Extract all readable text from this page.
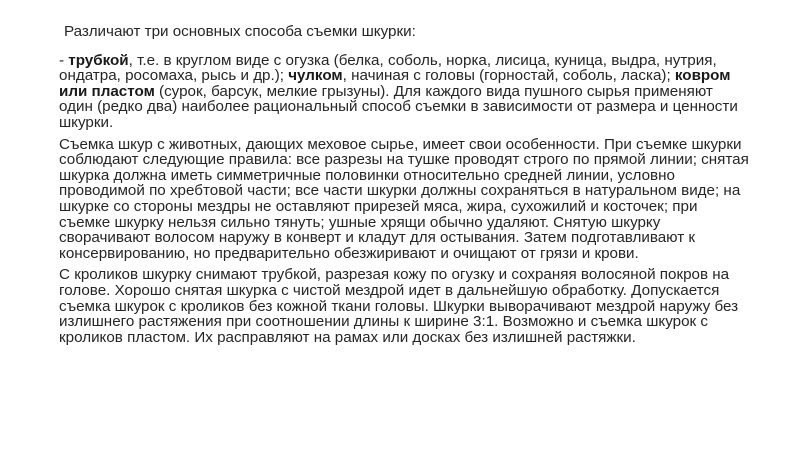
Различают три основных способа съемки шкурки:

- трубкой, т.е. в круглом виде с огузка (белка, соболь, норка, лисица, куница, выдра, нутрия, ондатра, росомаха, рысь и др.); чулком, начиная с головы (горностай, соболь, ласка); ковром или пластом (сурок, барсук, мелкие грызуны). Для каждого вида пушного сырья применяют один (редко два) наиболее рациональный способ съемки в зависимости от размера и ценности шкурки.

Съемка шкур с животных, дающих меховое сырье, имеет свои особенности. При съемке шкурки соблюдают следующие правила: все разрезы на тушке проводят строго по прямой линии; снятая шкурка должна иметь симметричные половинки относительно средней линии, условно проводимой по хребтовой части; все части шкурки должны сохраняться в натуральном виде; на шкурке со стороны мездры не оставляют прирезей мяса, жира, сухожилий и косточек; при съемке шкурку нельзя сильно тянуть; ушные хрящи обычно удаляют. Снятую шкурку сворачивают волосом наружу в конверт и кладут для остывания. Затем подготавливают к консервированию, но предварительно обезжиривают и очищают от грязи и крови.

С кроликов шкурку снимают трубкой, разрезая кожу по огузку и сохраняя волосяной покров на голове. Хорошо снятая шкурка с чистой мездрой идет в дальнейшую обработку. Допускается съемка шкурок с кроликов без кожной ткани головы. Шкурки выворачивают мездрой наружу без излишнего растяжения при соотношении длины к ширине 3:1. Возможно и съемка шкурок с кроликов пластом. Их расправляют на рамах или досках без излишней растяжки.
